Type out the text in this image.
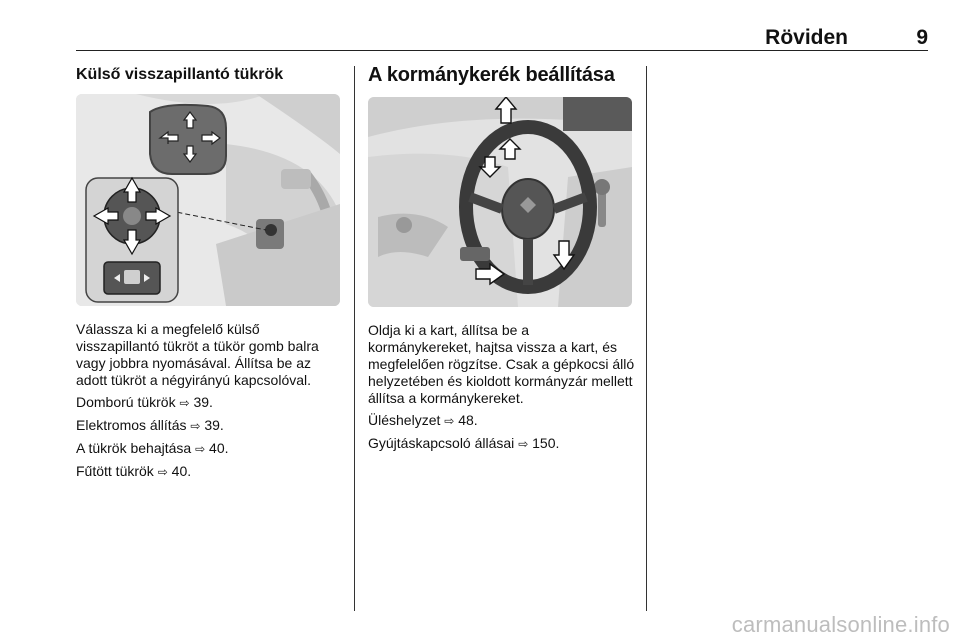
Röviden	9
Külső visszapillantó tükrök

Válassza ki a megfelelő külső visszapillantó tükröt a tükör gomb balra vagy jobbra nyomásával. Állítsa be az adott tükröt a négyirányú kapcsolóval.

Domború tükrök ⇨ 39.
Elektromos állítás ⇨ 39.
A tükrök behajtása ⇨ 40.
Fűtött tükrök ⇨ 40.
A kormánykerék beállítása

Oldja ki a kart, állítsa be a kormánykereket, hajtsa vissza a kart, és megfelelően rögzítse. Csak a gépkocsi álló helyzetében és kioldott kormányzár mellett állítsa a kormánykereket.

Üléshelyzet ⇨ 48.
Gyújtáskapcsoló állásai ⇨ 150.
carmanualsonline.info
